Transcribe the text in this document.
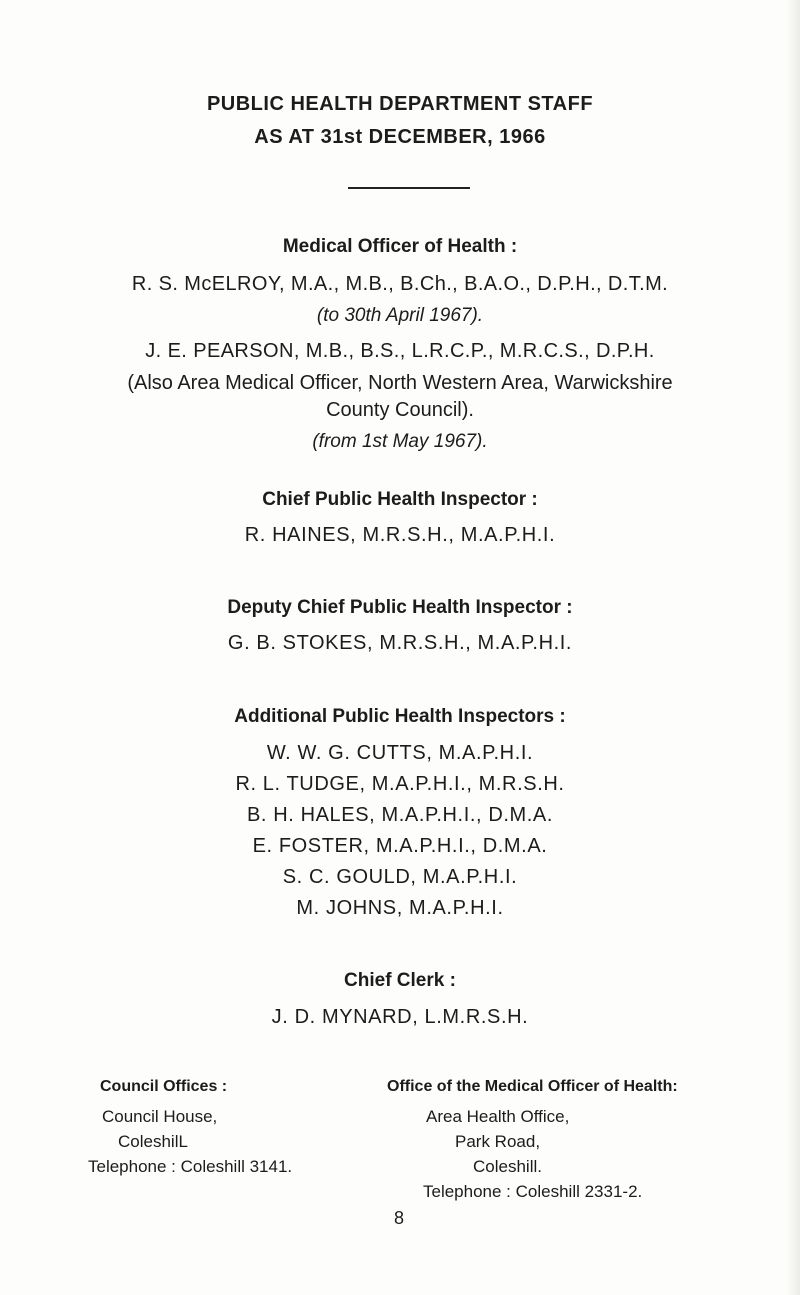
PUBLIC HEALTH DEPARTMENT STAFF
AS AT 31st DECEMBER, 1966
Medical Officer of Health :
R. S. McELROY, M.A., M.B., B.Ch., B.A.O., D.P.H., D.T.M.
(to 30th April 1967).
J. E. PEARSON, M.B., B.S., L.R.C.P., M.R.C.S., D.P.H.
(Also Area Medical Officer, North Western Area, Warwickshire
County Council).
(from 1st May 1967).
Chief Public Health Inspector :
R. HAINES, M.R.S.H., M.A.P.H.I.
Deputy Chief Public Health Inspector :
G. B. STOKES, M.R.S.H., M.A.P.H.I.
Additional Public Health Inspectors :
W. W. G. CUTTS, M.A.P.H.I.
R. L. TUDGE, M.A.P.H.I., M.R.S.H.
B. H. HALES, M.A.P.H.I., D.M.A.
E. FOSTER, M.A.P.H.I., D.M.A.
S. C. GOULD, M.A.P.H.I.
M. JOHNS, M.A.P.H.I.
Chief Clerk :
J. D. MYNARD, L.M.R.S.H.
Council Offices :
Council House,
ColeshilL
Telephone : Coleshill 3141.
Office of the Medical Officer of Health:
Area Health Office,
Park Road,
Coleshill.
Telephone : Coleshill 2331-2.
8
